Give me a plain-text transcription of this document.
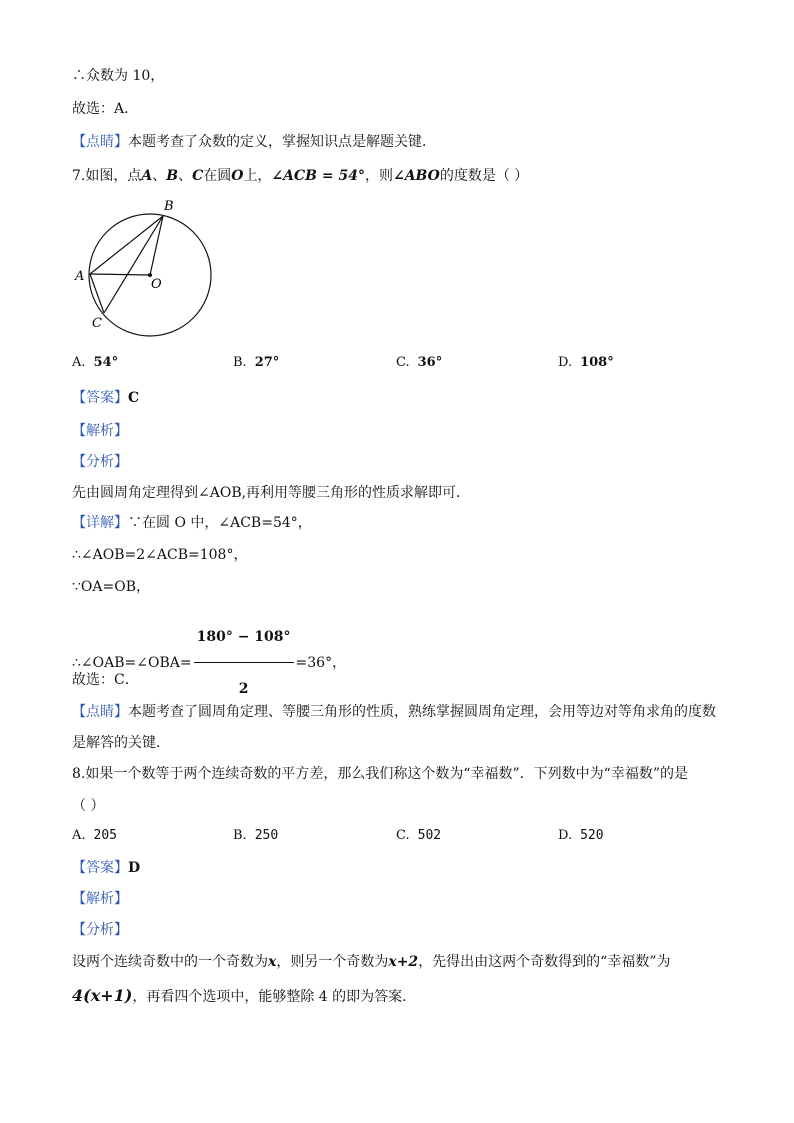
∴众数为 10，
故选：A．
【点睛】本题考查了众数的定义，掌握知识点是解题关键．
7.如图，点A、B、C在圆O上，∠ACB = 54°，则∠ABO的度数是（ ）
B
A
O
C
A. 54°	B. 27°	C. 36°	D. 108°
【答案】C
【解析】
【分析】
先由圆周角定理得到∠AOB,再利用等腰三角形的性质求解即可．
【详解】∵在圆 O 中，∠ACB=54°，
∴∠AOB=2∠ACB=108°，
∵OA=OB，
∴∠OAB=∠OBA= $\frac{180^\circ - 108^\circ}{2} =36^\circ$，
故选：C．
【点睛】本题考查了圆周角定理、等腰三角形的性质，熟练掌握圆周角定理，会用等边对等角求角的度数
是解答的关键．
8.如果一个数等于两个连续奇数的平方差，那么我们称这个数为“幸福数”．下列数中为“幸福数”的是
（ ）
A. 205	B. 250	C. 502	D. 520
【答案】D
【解析】
【分析】
设两个连续奇数中的一个奇数为x，则另一个奇数为x+2，先得出由这两个奇数得到的“幸福数”为
4(x+1)，再看四个选项中，能够整除 4 的即为答案．
